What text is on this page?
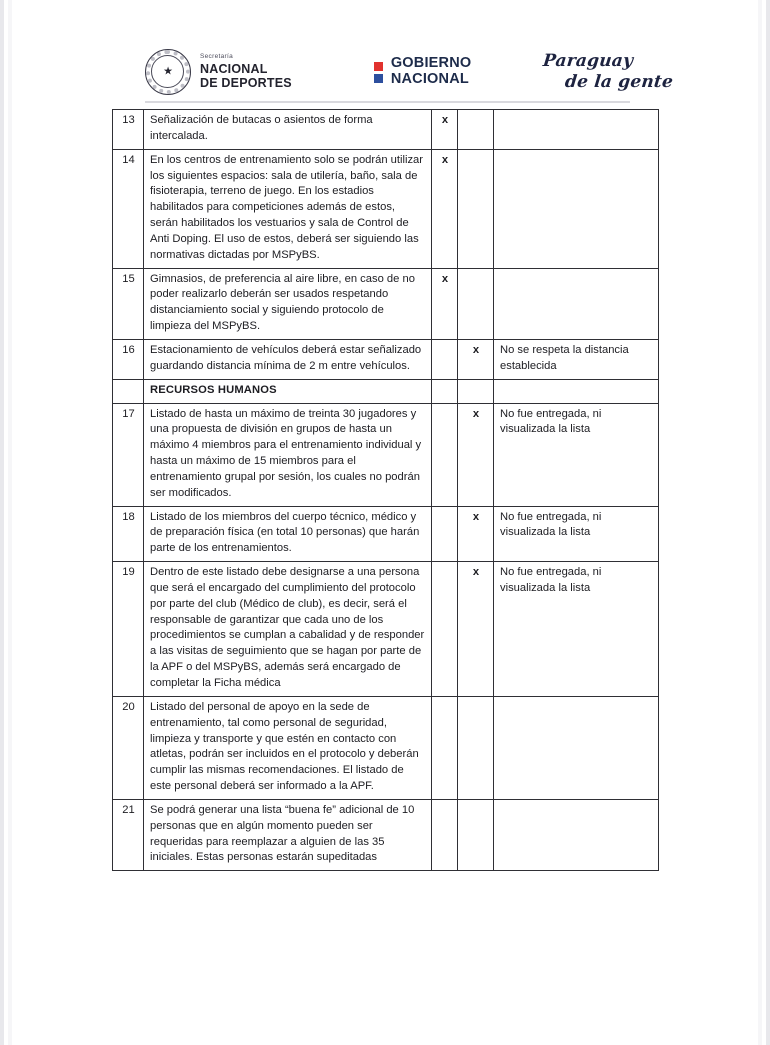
★
Secretaría
NACIONAL
DE DEPORTES
GOBIERNO
NACIONAL
Paraguay
de la gente
13	Señalización de butacas o asientos de forma intercalada.	x		
14	En los centros de entrenamiento solo se podrán utilizar los siguientes espacios: sala de utilería, baño, sala de fisioterapia, terreno de juego. En los estadios habilitados para competiciones además de estos, serán habilitados los vestuarios y sala de Control de Anti Doping. El uso de estos, deberá ser siguiendo las normativas dictadas por MSPyBS.	x		
15	Gimnasios, de preferencia al aire libre, en caso de no poder realizarlo deberán ser usados respetando distanciamiento social y siguiendo protocolo de limpieza del MSPyBS.	x		
16	Estacionamiento de vehículos deberá estar señalizado guardando distancia mínima de 2 m entre vehículos.		x	No se respeta la distancia establecida
	RECURSOS HUMANOS			
17	Listado de hasta un máximo de treinta 30 jugadores y una propuesta de división en grupos de hasta un máximo 4 miembros para el entrenamiento individual y hasta un máximo de 15 miembros para el entrenamiento grupal por sesión, los cuales no podrán ser modificados.		x	No fue entregada, ni visualizada la lista
18	Listado de los miembros del cuerpo técnico, médico y de preparación física (en total 10 personas) que harán parte de los entrenamientos.		x	No fue entregada, ni visualizada la lista
19	Dentro de este listado debe designarse a una persona que será el encargado del cumplimiento del protocolo por parte del club (Médico de club), es decir, será el responsable de garantizar que cada uno de los procedimientos se cumplan a cabalidad y de responder a las visitas de seguimiento que se hagan por parte de la APF o del MSPyBS, además será encargado de completar la Ficha médica		x	No fue entregada, ni visualizada la lista
20	Listado del personal de apoyo en la sede de entrenamiento, tal como personal de seguridad, limpieza y transporte y que estén en contacto con atletas, podrán ser incluidos en el protocolo y deberán cumplir las mismas recomendaciones. El listado de este personal deberá ser informado a la APF.			
21	Se podrá generar una lista “buena fe” adicional de 10 personas que en algún momento pueden ser requeridas para reemplazar a alguien de las 35 iniciales. Estas personas estarán supeditadas			
